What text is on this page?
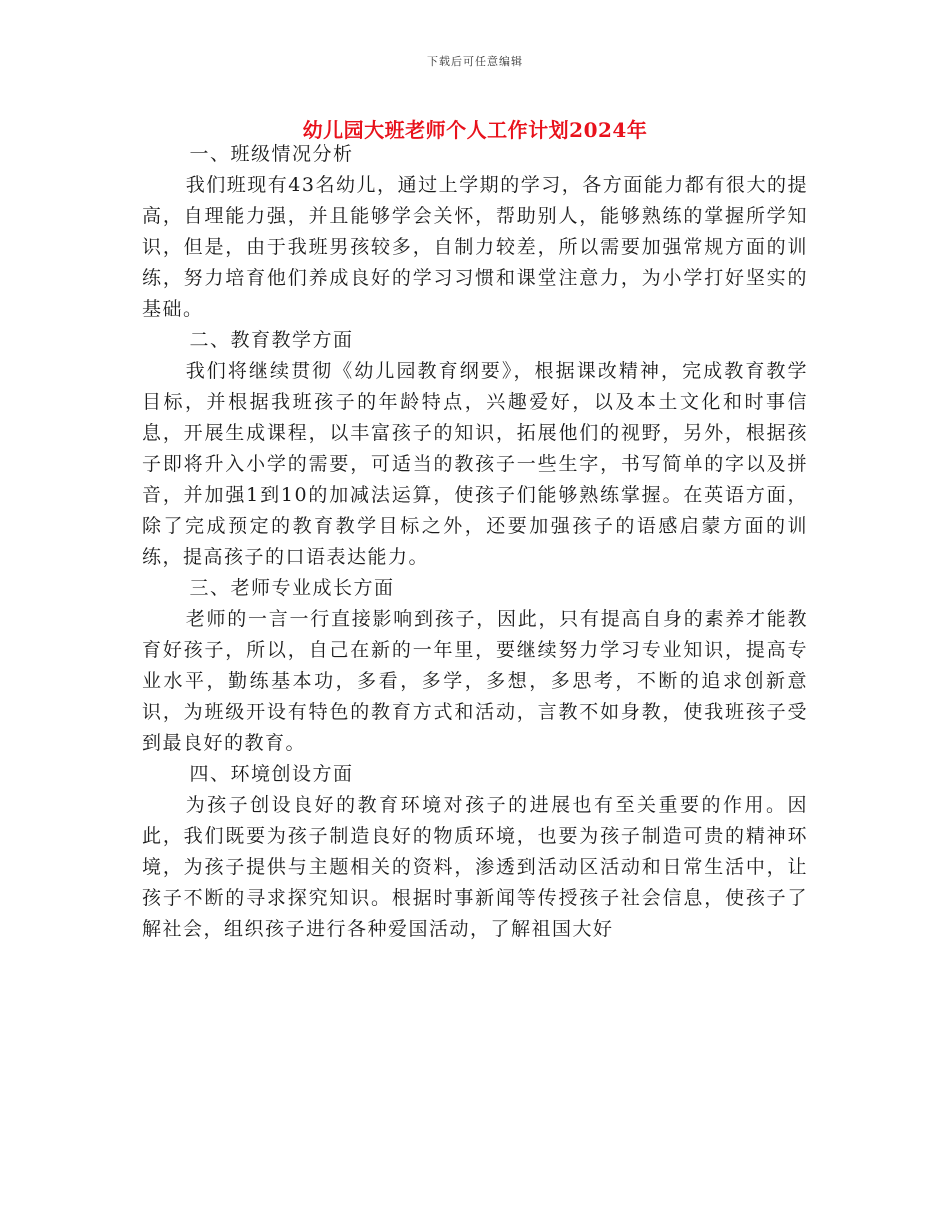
下载后可任意编辑
幼儿园大班老师个人工作计划2024年

一、班级情况分析

我们班现有43名幼儿，通过上学期的学习，各方面能力都有很大的提高，自理能力强，并且能够学会关怀，帮助别人，能够熟练的掌握所学知识，但是，由于我班男孩较多，自制力较差，所以需要加强常规方面的训练，努力培育他们养成良好的学习习惯和课堂注意力，为小学打好坚实的基础。

二、教育教学方面

我们将继续贯彻《幼儿园教育纲要》，根据课改精神，完成教育教学目标，并根据我班孩子的年龄特点，兴趣爱好，以及本土文化和时事信息，开展生成课程，以丰富孩子的知识，拓展他们的视野，另外，根据孩子即将升入小学的需要，可适当的教孩子一些生字，书写简单的字以及拼音，并加强1到10的加减法运算，使孩子们能够熟练掌握。在英语方面，除了完成预定的教育教学目标之外，还要加强孩子的语感启蒙方面的训练，提高孩子的口语表达能力。

三、老师专业成长方面

老师的一言一行直接影响到孩子，因此，只有提高自身的素养才能教育好孩子，所以，自己在新的一年里，要继续努力学习专业知识，提高专业水平，勤练基本功，多看，多学，多想，多思考，不断的追求创新意识，为班级开设有特色的教育方式和活动，言教不如身教，使我班孩子受到最良好的教育。

四、环境创设方面

为孩子创设良好的教育环境对孩子的进展也有至关重要的作用。因此，我们既要为孩子制造良好的物质环境，也要为孩子制造可贵的精神环境，为孩子提供与主题相关的资料，渗透到活动区活动和日常生活中，让孩子不断的寻求探究知识。根据时事新闻等传授孩子社会信息，使孩子了解社会，组织孩子进行各种爱国活动，了解祖国大好
